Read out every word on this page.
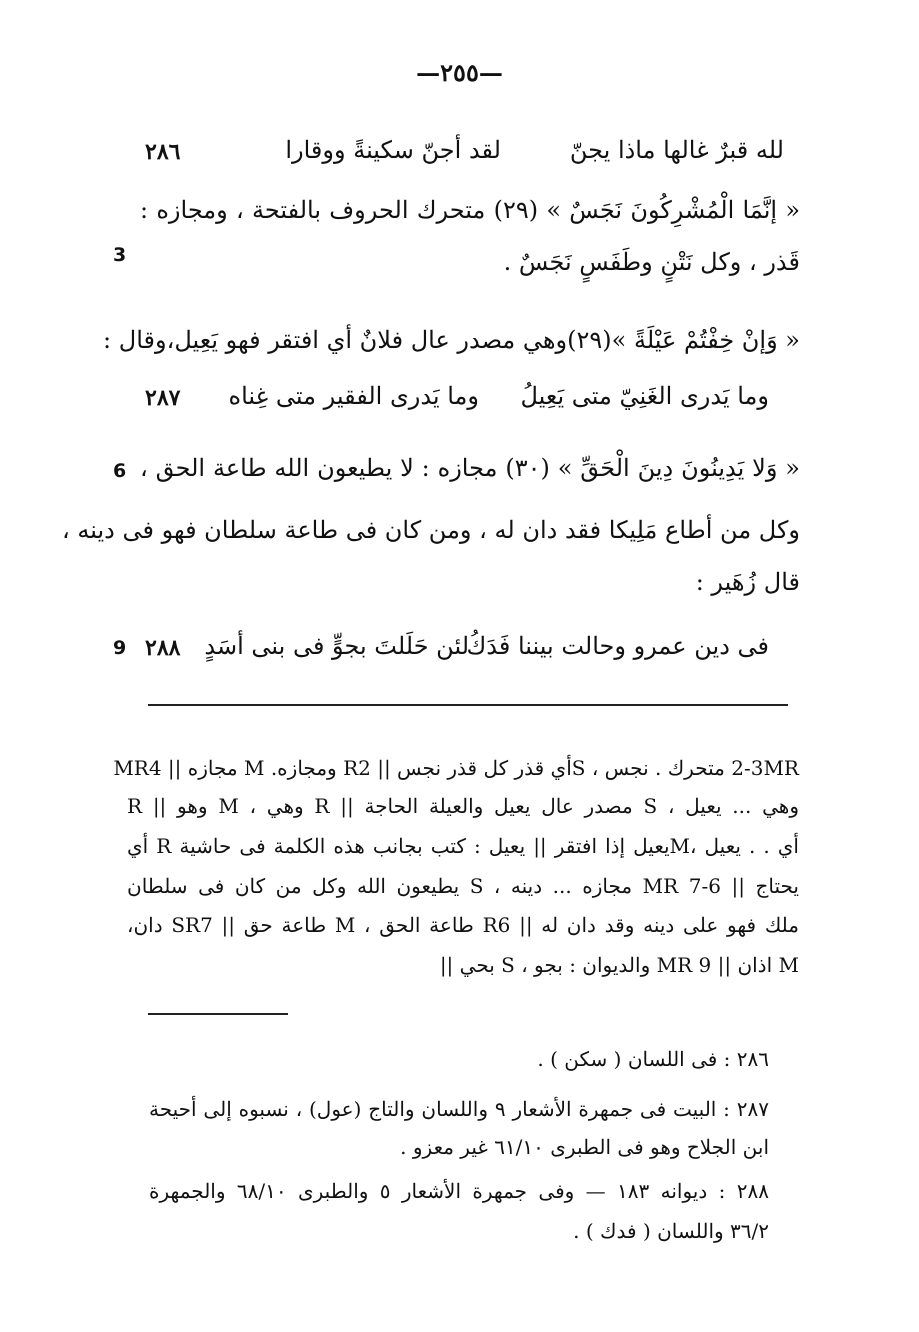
—٢٥٥—
لقد أجنّ سكينةً ووقارا	لله قبرٌ غالها ماذا يجنّ
٢٨٦
« إنَّمَا الْمُشْرِكُونَ نَجَسٌ » (٢٩) متحرك الحروف بالفتحة ، ومجازه :
قَذر ، وكل نَتْنٍ وطَفَسٍ نَجَسٌ .
« وَإنْ خِفْتُمْ عَيْلَةً »(٢٩)وهي مصدر عال فلانٌ أي افتقر فهو يَعِيل،وقال :
« وَلا يَدِينُونَ دِينَ الْحَقِّ » (٣٠) مجازه : لا يطيعون الله طاعة الحق ،
وكل من أطاع مَلِيكا فقد دان له ، ومن كان فى طاعة سلطان فهو فى دينه ،
قال زُهَير :
وما يَدرى الفقير متى غِناه وما يَدرى الغَنِيّ متى يَعِيلُ
٢٨٧
لئن حَلَلتَ بجوٍّ فى بنى أسَدٍ
فى دين عمرو وحالت بيننا فَدَكُ
٢٨٨
3
6
9
2-3MR متحرك . نجس ، Sأي قذر كل قذر نجس || R2 ومجازه. M مجازه || MR4
وهي ... يعيل ، S مصدر عال يعيل والعيلة الحاجة || R وهي ، M وهو || R
أي . . يعيل ،Mيعيل إذا افتقر || يعيل : كتب بجانب هذه الكلمة فى حاشية R أي
يحتاج || 6-7 MR مجازه ... دينه ، S يطيعون الله وكل من كان فى سلطان
ملك فهو على دينه وقد دان له || R6 طاعة الحق ، M طاعة حق || SR7 دان،
M اذان || 9 MR والديوان : بجو ، S بحي ||
٢٨٦ : فى اللسان ( سكن ) .
٢٨٧ : البيت فى جمهرة الأشعار ٩ واللسان والتاج (عول) ، نسبوه إلى أحيحة
ابن الجلاح وهو فى الطبرى ٦١/١٠ غير معزو .
٢٨٨ : ديوانه ١٨٣ — وفى جمهرة الأشعار ٥ والطبرى ٦٨/١٠ والجمهرة
٣٦/٢ واللسان ( فدك ) .
